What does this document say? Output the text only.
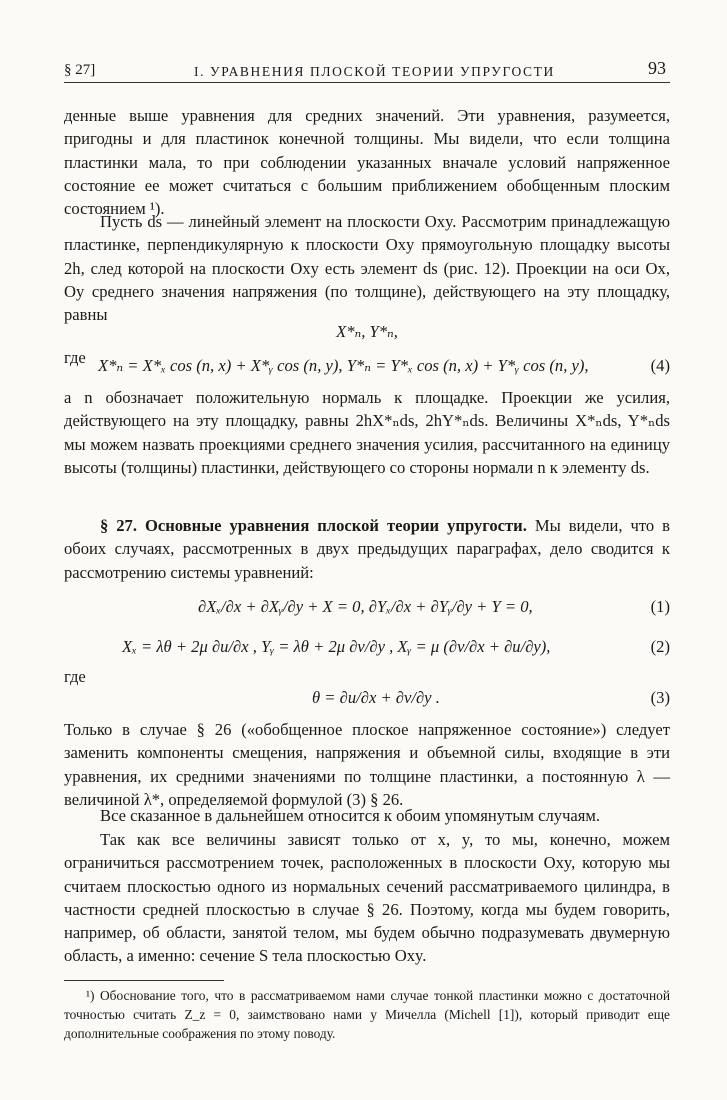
§ 27]	I. УРАВНЕНИЯ ПЛОСКОЙ ТЕОРИИ УПРУГОСТИ	93

денные выше уравнения для средних значений. Эти уравнения, разумеется, пригодны и для пластинок конечной толщины. Мы видели, что если толщина пластинки мала, то при соблюдении указанных вначале условий напряженное состояние ее может считаться с большим приближением обобщенным плоским состоянием ¹).

Пусть ds — линейный элемент на плоскости Oxy. Рассмотрим принадлежащую пластинке, перпендикулярную к плоскости Oxy прямоугольную площадку высоты 2h, след которой на плоскости Oxy есть элемент ds (рис. 12). Проекции на оси Ox, Oy среднего значения напряжения (по толщине), действующего на эту площадку, равны

X*ₙ, Y*ₙ,
где X*ₙ = X*ₓ cos (n, x) + X*ᵧ cos (n, y), Y*ₙ = Y*ₓ cos (n, x) + Y*ᵧ cos (n, y),	(4)

а n обозначает положительную нормаль к площадке. Проекции же усилия, действующего на эту площадку, равны 2hX*ₙds, 2hY*ₙds. Величины X*ₙds, Y*ₙds мы можем назвать проекциями среднего значения усилия, рассчитанного на единицу высоты (толщины) пластинки, действующего со стороны нормали n к элементу ds.

§ 27. Основные уравнения плоской теории упругости. Мы видели, что в обоих случаях, рассмотренных в двух предыдущих параграфах, дело сводится к рассмотрению системы уравнений:

∂Xₓ/∂x + ∂Xᵧ/∂y + X = 0, ∂Yₓ/∂x + ∂Yᵧ/∂y + Y = 0,	(1)
Xₓ = λθ + 2μ ∂u/∂x , Yᵧ = λθ + 2μ ∂v/∂y , Xᵧ = μ (∂v/∂x + ∂u/∂y),	(2)
где
θ = ∂u/∂x + ∂v/∂y .	(3)

Только в случае § 26 («обобщенное плоское напряженное состояние») следует заменить компоненты смещения, напряжения и объемной силы, входящие в эти уравнения, их средними значениями по толщине пластинки, а постоянную λ — величиной λ*, определяемой формулой (3) § 26.

Все сказанное в дальнейшем относится к обоим упомянутым случаям.

Так как все величины зависят только от x, y, то мы, конечно, можем ограничиться рассмотрением точек, расположенных в плоскости Oxy, которую мы считаем плоскостью одного из нормальных сечений рассматриваемого цилиндра, в частности средней плоскостью в случае § 26. Поэтому, когда мы будем говорить, например, об области, занятой телом, мы будем обычно подразумевать двумерную область, а именно: сечение S тела плоскостью Oxy.

¹) Обоснование того, что в рассматриваемом нами случае тонкой пластинки можно с достаточной точностью считать Z_z = 0, заимствовано нами у Мичелла (Michell [1]), который приводит еще дополнительные соображения по этому поводу.
